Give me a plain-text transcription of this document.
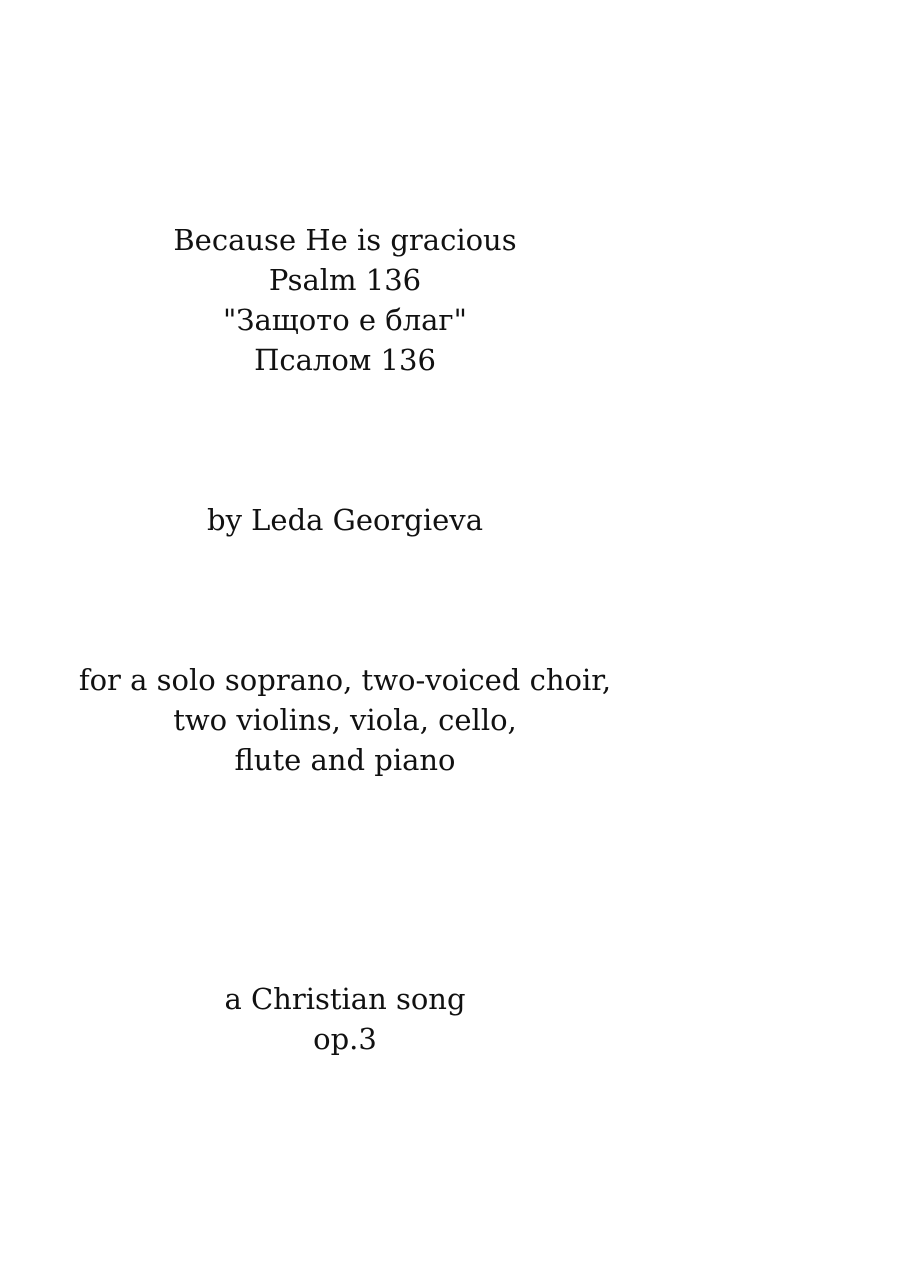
Because He is gracious
Psalm 136
"Защото е благ"
Псалом 136
by Leda Georgieva
for a solo soprano, two-voiced choir,
two violins, viola, cello,
flute and piano
a Christian song
op.3
